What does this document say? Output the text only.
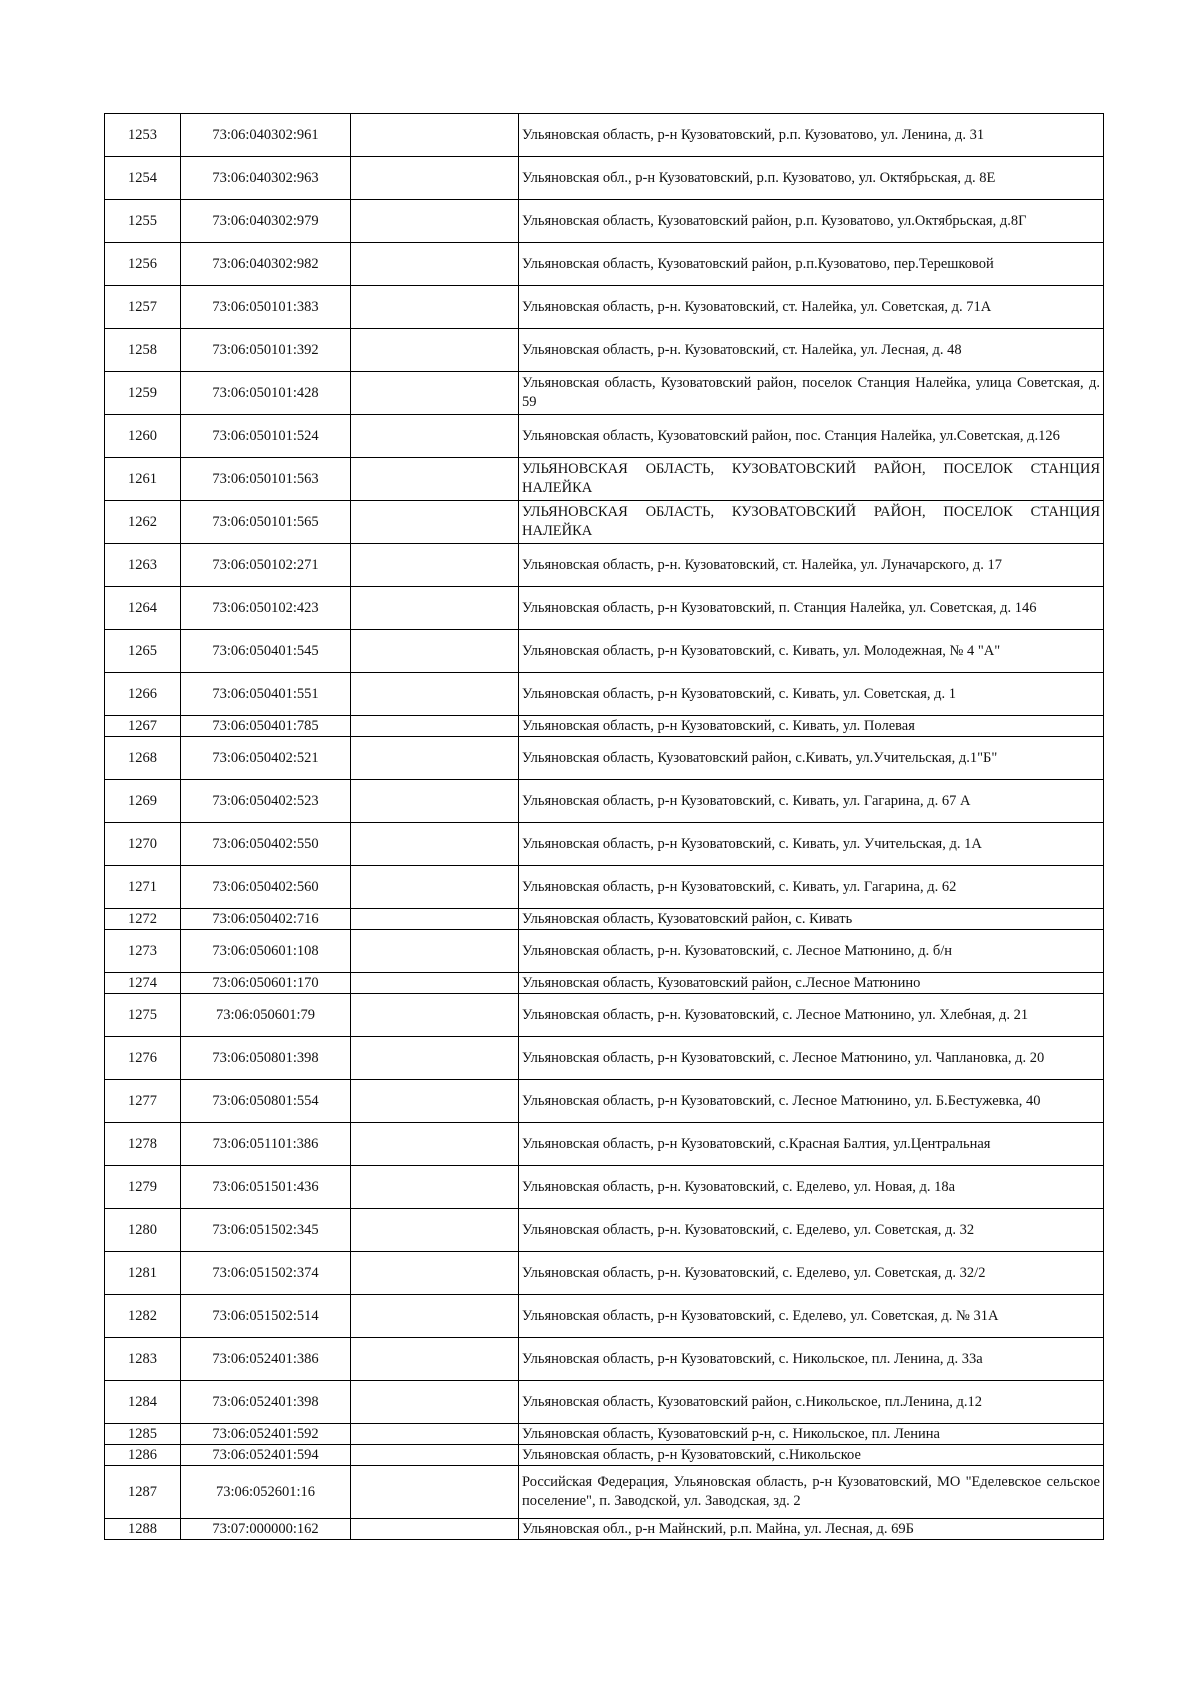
1253	73:06:040302:961		Ульяновская область, р-н Кузоватовский, р.п. Кузоватово, ул. Ленина, д. 31
1254	73:06:040302:963		Ульяновская обл., р-н Кузоватовский, р.п. Кузоватово, ул. Октябрьская, д. 8Е
1255	73:06:040302:979		Ульяновская область, Кузоватовский район, р.п. Кузоватово, ул.Октябрьская, д.8Г
1256	73:06:040302:982		Ульяновская область, Кузоватовский район, р.п.Кузоватово, пер.Терешковой
1257	73:06:050101:383		Ульяновская область, р-н. Кузоватовский, ст. Налейка, ул. Советская, д. 71А
1258	73:06:050101:392		Ульяновская область, р-н. Кузоватовский, ст. Налейка, ул. Лесная, д. 48
1259	73:06:050101:428		Ульяновская область, Кузоватовский район, поселок Станция Налейка, улица Советская, д. 59
1260	73:06:050101:524		Ульяновская область, Кузоватовский район, пос. Станция Налейка, ул.Советская, д.126
1261	73:06:050101:563		УЛЬЯНОВСКАЯ ОБЛАСТЬ, КУЗОВАТОВСКИЙ РАЙОН, ПОСЕЛОК СТАНЦИЯ НАЛЕЙКА
1262	73:06:050101:565		УЛЬЯНОВСКАЯ ОБЛАСТЬ, КУЗОВАТОВСКИЙ РАЙОН, ПОСЕЛОК СТАНЦИЯ НАЛЕЙКА
1263	73:06:050102:271		Ульяновская область, р-н. Кузоватовский, ст. Налейка, ул. Луначарского, д. 17
1264	73:06:050102:423		Ульяновская область, р-н Кузоватовский, п. Станция Налейка, ул. Советская, д. 146
1265	73:06:050401:545		Ульяновская область, р-н Кузоватовский, с. Кивать, ул. Молодежная, № 4 "А"
1266	73:06:050401:551		Ульяновская область, р-н Кузоватовский, с. Кивать, ул. Советская, д. 1
1267	73:06:050401:785		Ульяновская область, р-н Кузоватовский, с. Кивать, ул. Полевая
1268	73:06:050402:521		Ульяновская область, Кузоватовский район, с.Кивать, ул.Учительская, д.1"Б"
1269	73:06:050402:523		Ульяновская область, р-н Кузоватовский, с. Кивать, ул. Гагарина, д. 67 А
1270	73:06:050402:550		Ульяновская область, р-н Кузоватовский, с. Кивать, ул. Учительская, д. 1А
1271	73:06:050402:560		Ульяновская область, р-н Кузоватовский, с. Кивать, ул. Гагарина, д. 62
1272	73:06:050402:716		Ульяновская область, Кузоватовский район, с. Кивать
1273	73:06:050601:108		Ульяновская область, р-н. Кузоватовский, с. Лесное Матюнино, д. б/н
1274	73:06:050601:170		Ульяновская область, Кузоватовский район, с.Лесное Матюнино
1275	73:06:050601:79		Ульяновская область, р-н. Кузоватовский, с. Лесное Матюнино, ул. Хлебная, д. 21
1276	73:06:050801:398		Ульяновская область, р-н Кузоватовский, с. Лесное Матюнино, ул. Чаплановка, д. 20
1277	73:06:050801:554		Ульяновская область, р-н Кузоватовский, с. Лесное Матюнино, ул. Б.Бестужевка, 40
1278	73:06:051101:386		Ульяновская область, р-н Кузоватовский, с.Красная Балтия, ул.Центральная
1279	73:06:051501:436		Ульяновская область, р-н. Кузоватовский, с. Еделево, ул. Новая, д. 18а
1280	73:06:051502:345		Ульяновская область, р-н. Кузоватовский, с. Еделево, ул. Советская, д. 32
1281	73:06:051502:374		Ульяновская область, р-н. Кузоватовский, с. Еделево, ул. Советская, д. 32/2
1282	73:06:051502:514		Ульяновская область, р-н Кузоватовский, с. Еделево, ул. Советская, д. № 31А
1283	73:06:052401:386		Ульяновская область, р-н Кузоватовский, с. Никольское, пл. Ленина, д. 33а
1284	73:06:052401:398		Ульяновская область, Кузоватовский район, с.Никольское, пл.Ленина, д.12
1285	73:06:052401:592		Ульяновская область, Кузоватовский р-н, с. Никольское, пл. Ленина
1286	73:06:052401:594		Ульяновская область, р-н Кузоватовский, с.Никольское
1287	73:06:052601:16		Российская Федерация, Ульяновская область, р-н Кузоватовский, МО "Еделевское сельское поселение", п. Заводской, ул. Заводская, зд. 2
1288	73:07:000000:162		Ульяновская обл., р-н Майнский, р.п. Майна, ул. Лесная, д. 69Б
